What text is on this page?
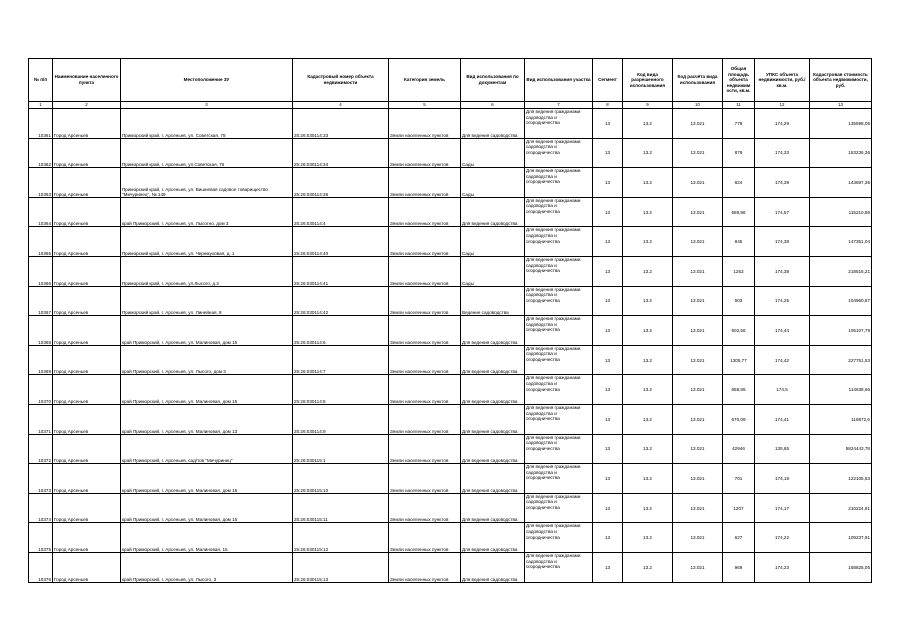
№ п/п	Наименование населенного пункта	Местоположение ЗУ	Кадастровый номер объекта недвижимости	Категория земель	Вид использования по документам	Вид использования участка	Сегмент	Код вида разрешенного использования	Код расчёта вида использования	Общая площадь объекта недвижим ости, кв.м.	УПКС объекта недвижимости, руб./кв.м.	Кадастровая стоимость объекта недвижимости, руб.
1	2	3	4	5	6	7	8	9	10	11	12	13
10361	Город Арсеньев	Приморский край, г. Арсеньев, ул. Советская, 78	25:26:030114:33	Земли населенных пунктов	Для ведения садоводства	Для ведения гражданами садоводства и огородничества	13	13.2	13.021	778	174,29	135598,05
10362	Город Арсеньев	Приморский край, г. Арсеньев, ул.Советская, 76	25:26:030114:34	Земли населенных пунктов	Сады	Для ведения гражданами садоводства и огородничества	13	13.2	13.021	879	174,33	153236,36
10363	Город Арсеньев	Приморский край, г. Арсеньев, ул. Вишневая садовое товарищество "Мичуринец", № 149	25:26:030114:36	Земли населенных пунктов	Сады	Для ведения гражданами садоводства и огородничества	13	13.2	13.021	824	174,39	143697,36
10364	Город Арсеньев	край Приморский, г. Арсеньев, ул. Лысогно, дом 3	25:26:030114:4	Земли населенных пунктов	Для ведения садоводства	Для ведения гражданами садоводства и огородничества	13	13.2	13.021	659,96	174,57	115210,86
10365	Город Арсеньев	Приморский край, г. Арсеньев, ул. Черемуховая, д. 1	25:26:030114:40	Земли населенных пунктов	Сады	Для ведения гражданами садоводства и огородничества	13	13.2	13.021	845	174,38	147351,04
10366	Город Арсеньев	Приморский край, г. Арсеньев, ул.Лысого, д.3	25:26:030114:41	Земли населенных пунктов	Сады	Для ведения гражданами садоводства и огородничества	13	13.2	13.021	1253	174,38	218516,21
10367	Город Арсеньев	Приморский край, г. Арсеньев, ул. Линейная, 8	25:26:030114:42	Земли населенных пунктов	Ведение садоводства	Для ведения гражданами садоводства и огородничества	13	13.2	13.021	603	174,25	104960,87
10368	Город Арсеньев	край Приморский, г. Арсеньев, ул. Малиновая, дом 15	25:26:030114:6	Земли населенных пунктов	Для ведения садоводства	Для ведения гражданами садоводства и огородничества	13	13.2	13.021	602,56	174,44	105107,79
10369	Город Арсеньев	край Приморский, г. Арсеньев, ул. Лысого, дом 3	25:26:030114:7	Земли населенных пунктов	Для ведения садоводства	Для ведения гражданами садоводства и огородничества	13	13.2	13.021	1305,77	174,42	227751,53
10370	Город Арсеньев	край Приморский, г. Арсеньев, ул. Малиновая, дом 15	25:26:030114:8	Земли населенных пунктов	Для ведения садоводства	Для ведения гражданами садоводства и огородничества	13	13.2	13.021	658,85	174,5	114638,66
10371	Город Арсеньев	край Приморский, г. Арсеньев, ул. Малиновая, дом 13	25:26:030114:9	Земли населенных пунктов	Для ведения садоводства	Для ведения гражданами садоводства и огородничества	13	13.2	13.021	670,09	174,41	116872,6
10372	Город Арсеньев	край Приморский, г. Арсеньев, сад/тов "Мичуринец"	25:26:030115:1	Земли населенных пунктов	Для ведения садоводства	Для ведения гражданами садоводства и огородничества	13	13.2	13.021	42946	135,65	5824443,78
10373	Город Арсеньев	край Приморский, г. Арсеньев, ул. Малиновая, дом 15	25:26:030115:10	Земли населенных пунктов	Для ведения садоводства	Для ведения гражданами садоводства и огородничества	13	13.2	13.021	701	174,19	122105,53
10374	Город Арсеньев	край Приморский, г. Арсеньев, ул. Малиновая, дом 15	25:26:030115:11	Земли населенных пунктов	Для ведения садоводства	Для ведения гражданами садоводства и огородничества	13	13.2	13.021	1207	174,17	210224,91
10375	Город Арсеньев	край Приморский, г. Арсеньев, ул. Малиновая, 15	25:26:030115:12	Земли населенных пунктов	Для ведения садоводства	Для ведения гражданами садоводства и огородничества	13	13.2	13.021	627	174,22	109237,91
10376	Город Арсеньев	край Приморский, г. Арсеньев, ул. Лысого, 3	25:26:030115:13	Земли населенных пунктов	Для ведения садоводства	Для ведения гражданами садоводства и огородничества	13	13.2	13.021	969	174,23	168825,05
